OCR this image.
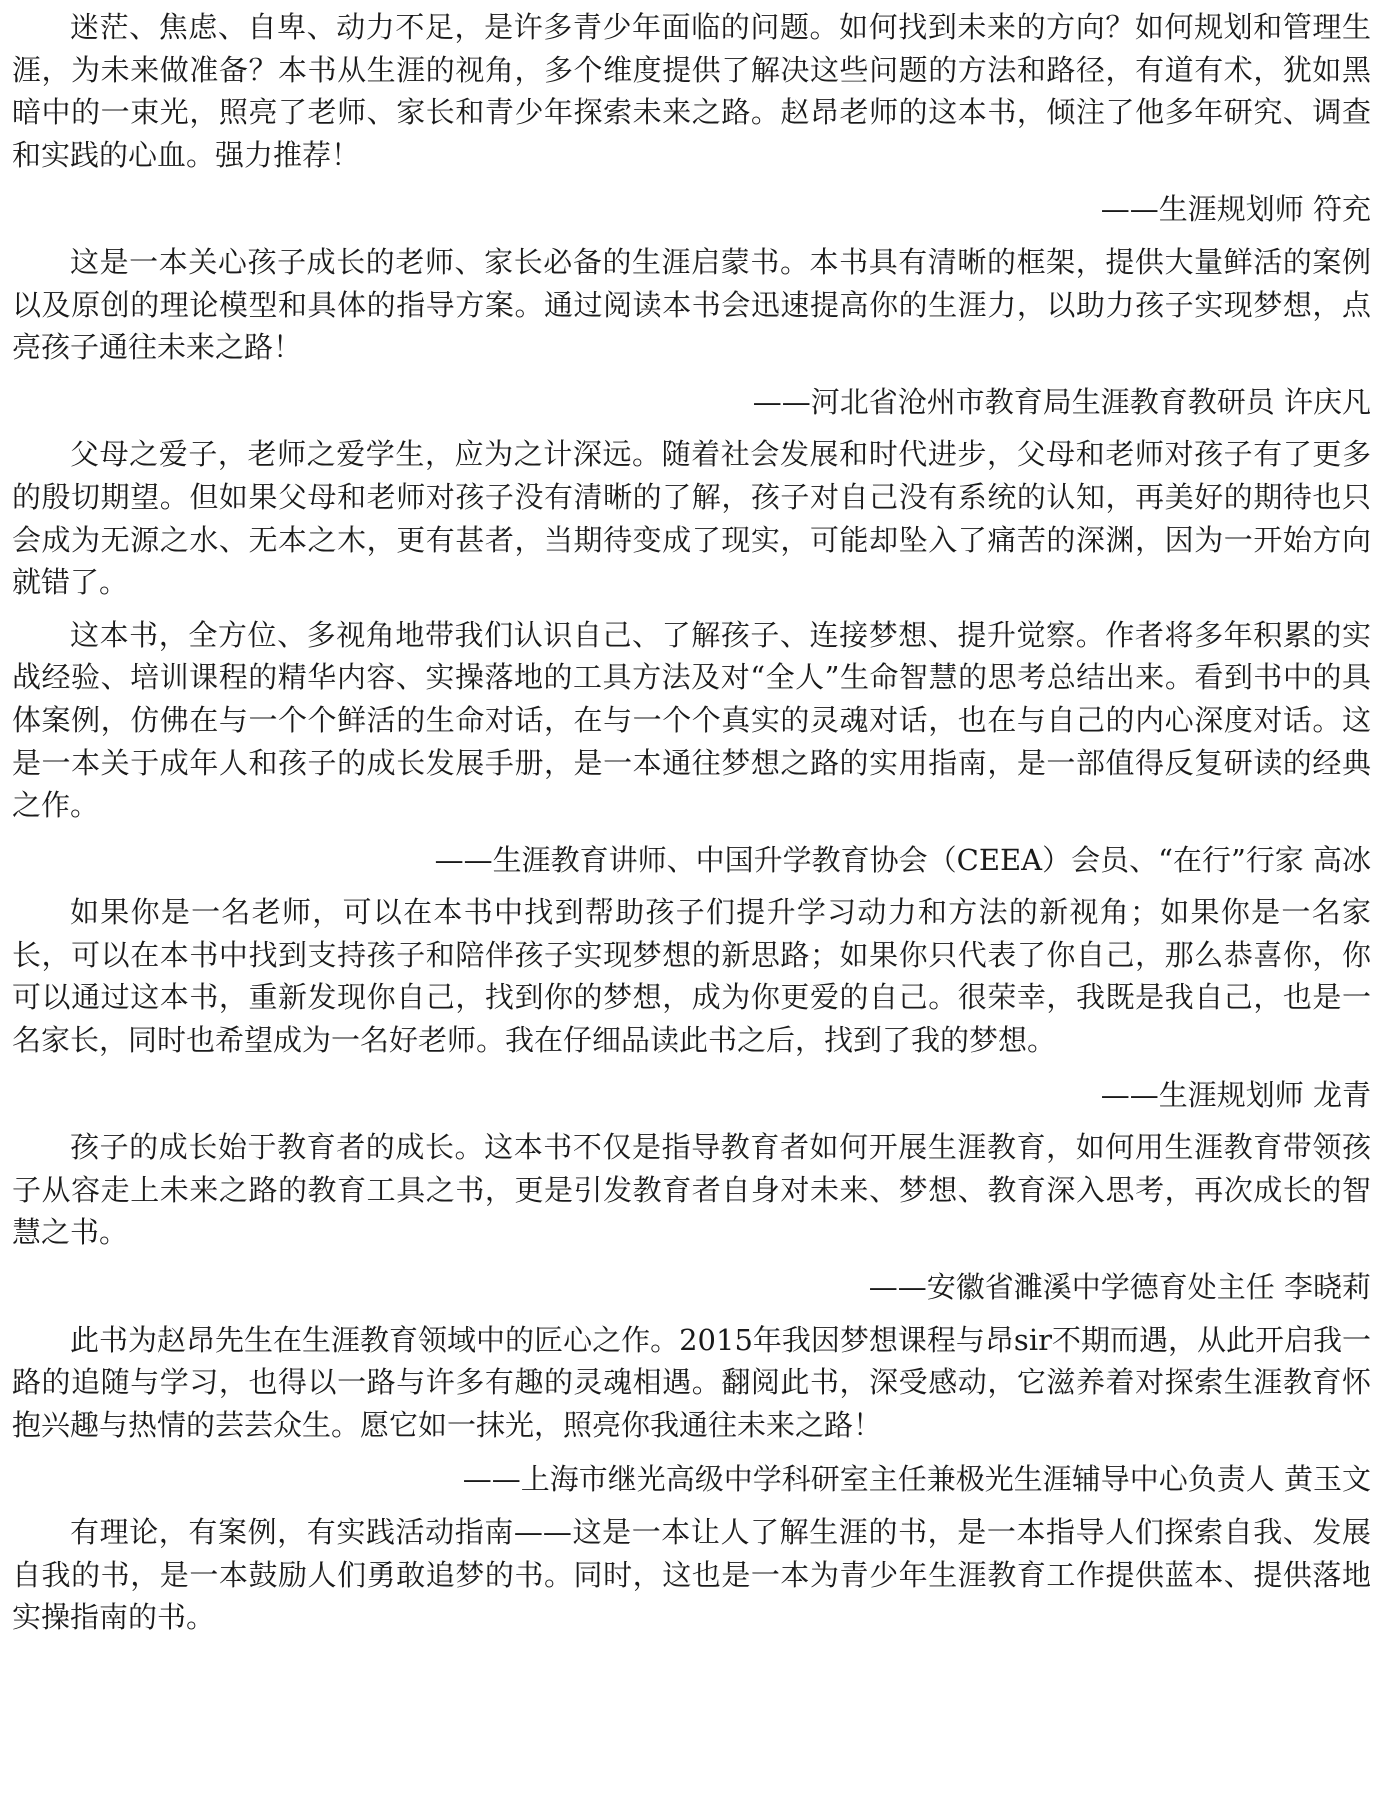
迷茫、焦虑、自卑、动力不足，是许多青少年面临的问题。如何找到未来的方向？如何规划和管理生涯，为未来做准备？本书从生涯的视角，多个维度提供了解决这些问题的方法和路径，有道有术，犹如黑暗中的一束光，照亮了老师、家长和青少年探索未来之路。赵昂老师的这本书，倾注了他多年研究、调查和实践的心血。强力推荐！

——生涯规划师 符充

这是一本关心孩子成长的老师、家长必备的生涯启蒙书。本书具有清晰的框架，提供大量鲜活的案例以及原创的理论模型和具体的指导方案。通过阅读本书会迅速提高你的生涯力，以助力孩子实现梦想，点亮孩子通往未来之路！

——河北省沧州市教育局生涯教育教研员 许庆凡

父母之爱子，老师之爱学生，应为之计深远。随着社会发展和时代进步，父母和老师对孩子有了更多的殷切期望。但如果父母和老师对孩子没有清晰的了解，孩子对自己没有系统的认知，再美好的期待也只会成为无源之水、无本之木，更有甚者，当期待变成了现实，可能却坠入了痛苦的深渊，因为一开始方向就错了。

这本书，全方位、多视角地带我们认识自己、了解孩子、连接梦想、提升觉察。作者将多年积累的实战经验、培训课程的精华内容、实操落地的工具方法及对“全人”生命智慧的思考总结出来。看到书中的具体案例，仿佛在与一个个鲜活的生命对话，在与一个个真实的灵魂对话，也在与自己的内心深度对话。这是一本关于成年人和孩子的成长发展手册，是一本通往梦想之路的实用指南，是一部值得反复研读的经典之作。

——生涯教育讲师、中国升学教育协会（CEEA）会员、“在行”行家 高冰

如果你是一名老师，可以在本书中找到帮助孩子们提升学习动力和方法的新视角；如果你是一名家长，可以在本书中找到支持孩子和陪伴孩子实现梦想的新思路；如果你只代表了你自己，那么恭喜你，你可以通过这本书，重新发现你自己，找到你的梦想，成为你更爱的自己。很荣幸，我既是我自己，也是一名家长，同时也希望成为一名好老师。我在仔细品读此书之后，找到了我的梦想。

——生涯规划师 龙青

孩子的成长始于教育者的成长。这本书不仅是指导教育者如何开展生涯教育，如何用生涯教育带领孩子从容走上未来之路的教育工具之书，更是引发教育者自身对未来、梦想、教育深入思考，再次成长的智慧之书。

——安徽省濉溪中学德育处主任 李晓莉

此书为赵昂先生在生涯教育领域中的匠心之作。2015年我因梦想课程与昂sir不期而遇，从此开启我一路的追随与学习，也得以一路与许多有趣的灵魂相遇。翻阅此书，深受感动，它滋养着对探索生涯教育怀抱兴趣与热情的芸芸众生。愿它如一抹光，照亮你我通往未来之路！

——上海市继光高级中学科研室主任兼极光生涯辅导中心负责人 黄玉文

有理论，有案例，有实践活动指南——这是一本让人了解生涯的书，是一本指导人们探索自我、发展自我的书，是一本鼓励人们勇敢追梦的书。同时，这也是一本为青少年生涯教育工作提供蓝本、提供落地实操指南的书。
